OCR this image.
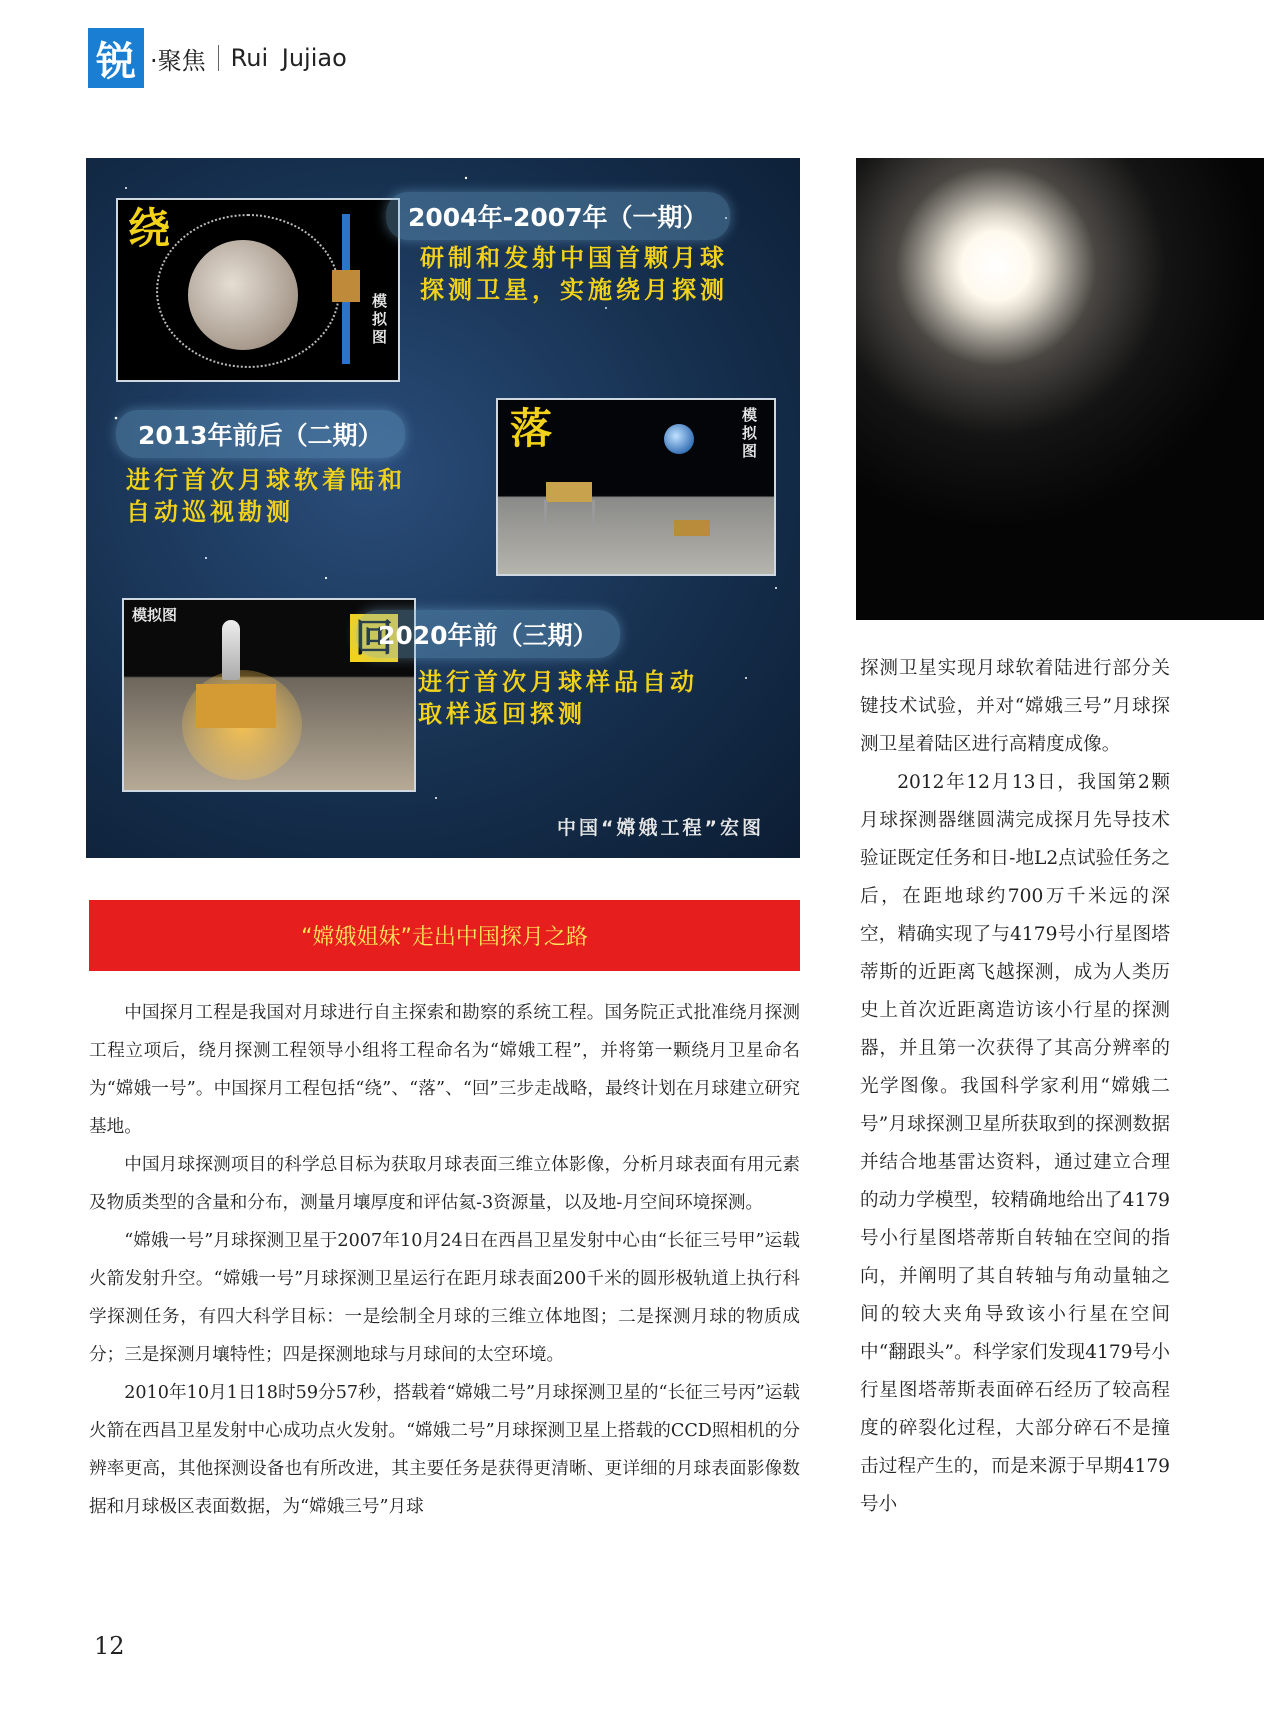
锐 ·聚焦 Rui Jujiao
绕
模拟图
2004年-2007年（一期）
研制和发射中国首颗月球
探测卫星，实施绕月探测
2013年前后（二期）
进行首次月球软着陆和
自动巡视勘测
落	模拟图
模拟图
回
2020年前（三期）
进行首次月球样品自动
取样返回探测
中国“嫦娥工程”宏图
“嫦娥姐妹”走出中国探月之路

中国探月工程是我国对月球进行自主探索和勘察的系统工程。国务院正式批准绕月探测工程立项后，绕月探测工程领导小组将工程命名为“嫦娥工程”，并将第一颗绕月卫星命名为“嫦娥一号”。中国探月工程包括“绕”、“落”、“回”三步走战略，最终计划在月球建立研究基地。

中国月球探测项目的科学总目标为获取月球表面三维立体影像，分析月球表面有用元素及物质类型的含量和分布，测量月壤厚度和评估氦-3资源量，以及地-月空间环境探测。

“嫦娥一号”月球探测卫星于2007年10月24日在西昌卫星发射中心由“长征三号甲”运载火箭发射升空。“嫦娥一号”月球探测卫星运行在距月球表面200千米的圆形极轨道上执行科学探测任务，有四大科学目标：一是绘制全月球的三维立体地图；二是探测月球的物质成分；三是探测月壤特性；四是探测地球与月球间的太空环境。

2010年10月1日18时59分57秒，搭载着“嫦娥二号”月球探测卫星的“长征三号丙”运载火箭在西昌卫星发射中心成功点火发射。“嫦娥二号”月球探测卫星上搭载的CCD照相机的分辨率更高，其他探测设备也有所改进，其主要任务是获得更清晰、更详细的月球表面影像数据和月球极区表面数据，为“嫦娥三号”月球

探测卫星实现月球软着陆进行部分关键技术试验，并对“嫦娥三号”月球探测卫星着陆区进行高精度成像。

2012年12月13日，我国第2颗月球探测器继圆满完成探月先导技术验证既定任务和日-地L2点试验任务之后，在距地球约700万千米远的深空，精确实现了与4179号小行星图塔蒂斯的近距离飞越探测，成为人类历史上首次近距离造访该小行星的探测器，并且第一次获得了其高分辨率的光学图像。我国科学家利用“嫦娥二号”月球探测卫星所获取到的探测数据并结合地基雷达资料，通过建立合理的动力学模型，较精确地给出了4179号小行星图塔蒂斯自转轴在空间的指向，并阐明了其自转轴与角动量轴之间的较大夹角导致该小行星在空间中“翻跟头”。科学家们发现4179号小行星图塔蒂斯表面碎石经历了较高程度的碎裂化过程，大部分碎石不是撞击过程产生的，而是来源于早期4179号小

12
